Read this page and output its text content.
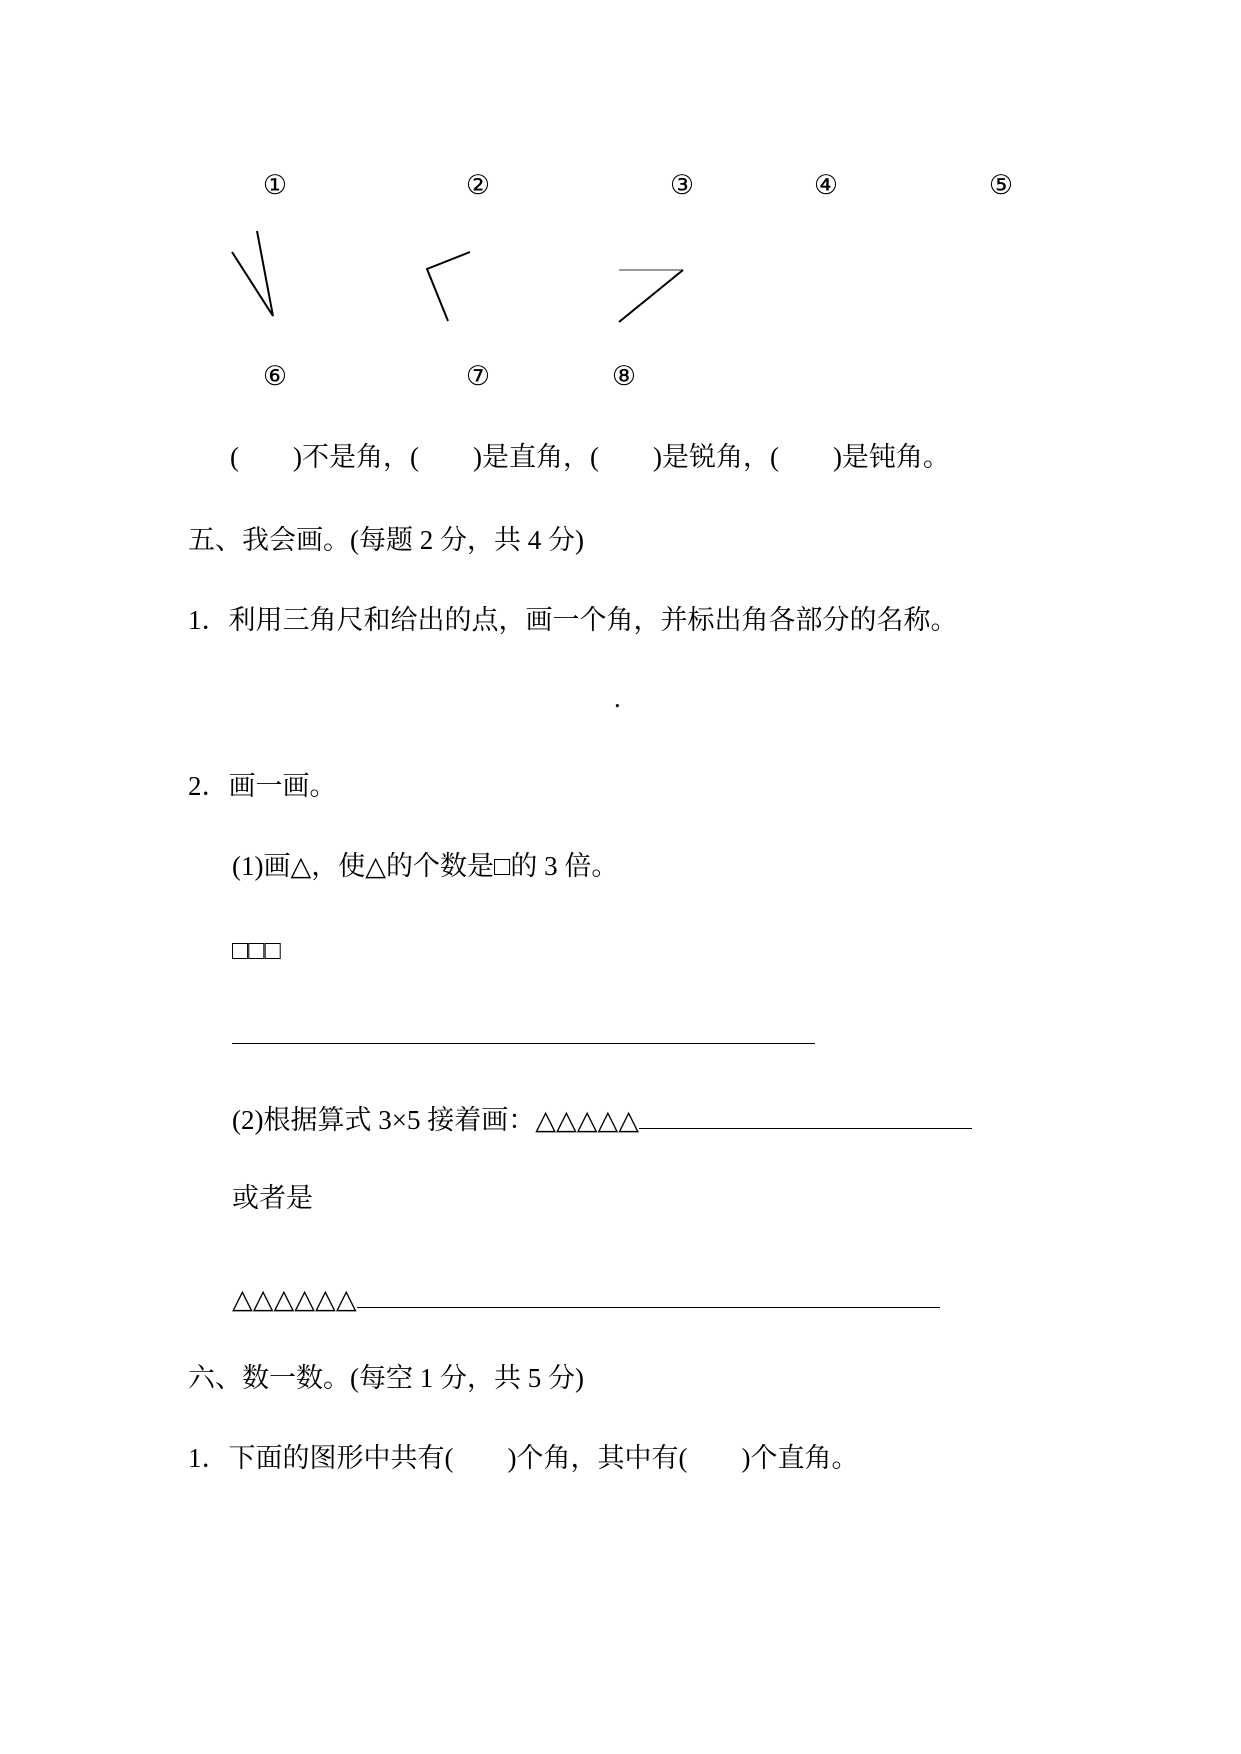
①	②	③	④	⑤
⑥	⑦	⑧
(　　)不是角，(　　)是直角，(　　)是锐角，(　　)是钝角。
五、我会画。(每题 2 分，共 4 分)
1．利用三角尺和给出的点，画一个角，并标出角各部分的名称。
.
2．画一画。
(1)画△，使△的个数是□的 3 倍。
□□□
(2)根据算式 3×5 接着画：△△△△△
或者是
△△△△△△
六、数一数。(每空 1 分，共 5 分)
1．下面的图形中共有(　　)个角，其中有(　　)个直角。
